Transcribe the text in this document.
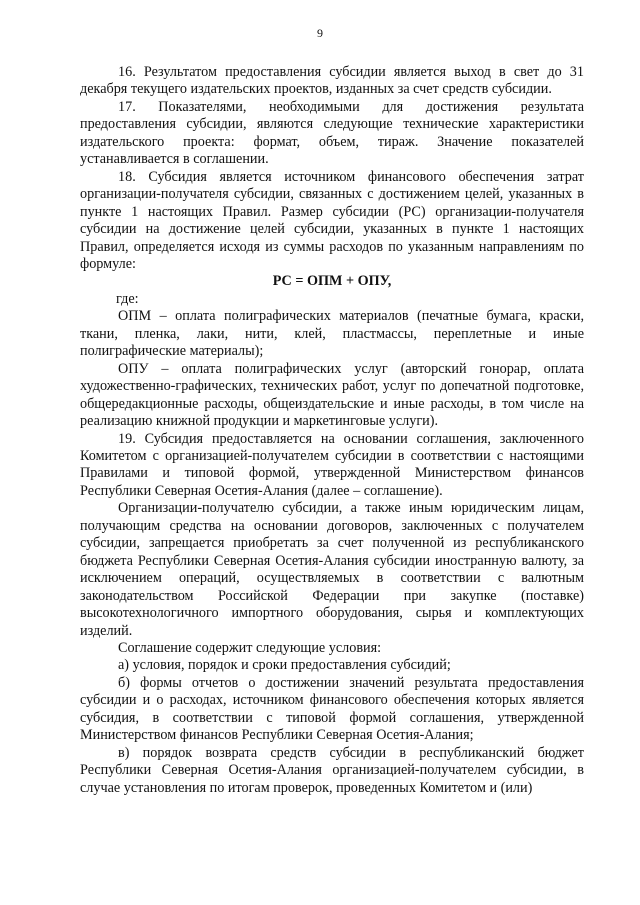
9

16. Результатом предоставления субсидии является выход в свет до 31 декабря текущего издательских проектов, изданных за счет средств субсидии.

17. Показателями, необходимыми для достижения результата предоставления субсидии, являются следующие технические характеристики издательского проекта: формат, объем, тираж. Значение показателей устанавливается в соглашении.

18. Субсидия является источником финансового обеспечения затрат организации-получателя субсидии, связанных с достижением целей, указанных в пункте 1 настоящих Правил. Размер субсидии (РС) организации-получателя субсидии на достижение целей субсидии, указанных в пункте 1 настоящих Правил, определяется исходя из суммы расходов по указанным направлениям по формуле:

РС = ОПМ + ОПУ,

где:

ОПМ – оплата полиграфических материалов (печатные бумага, краски, ткани, пленка, лаки, нити, клей, пластмассы, переплетные и иные полиграфические материалы);

ОПУ – оплата полиграфических услуг (авторский гонорар, оплата художественно-графических, технических работ, услуг по допечатной подготовке, общередакционные расходы, общеиздательские и иные расходы, в том числе на реализацию книжной продукции и маркетинговые услуги).

19. Субсидия предоставляется на основании соглашения, заключенного Комитетом с организацией-получателем субсидии в соответствии с настоящими Правилами и типовой формой, утвержденной Министерством финансов Республики Северная Осетия-Алания (далее – соглашение).

Организации-получателю субсидии, а также иным юридическим лицам, получающим средства на основании договоров, заключенных с получателем субсидии, запрещается приобретать за счет полученной из республиканского бюджета Республики Северная Осетия-Алания субсидии иностранную валюту, за исключением операций, осуществляемых в соответствии с валютным законодательством Российской Федерации при закупке (поставке) высокотехнологичного импортного оборудования, сырья и комплектующих изделий.

Соглашение содержит следующие условия:

а) условия, порядок и сроки предоставления субсидий;

б) формы отчетов о достижении значений результата предоставления субсидии и о расходах, источником финансового обеспечения которых является субсидия, в соответствии с типовой формой соглашения, утвержденной Министерством финансов Республики Северная Осетия-Алания;

в) порядок возврата средств субсидии в республиканский бюджет Республики Северная Осетия-Алания организацией-получателем субсидии, в случае установления по итогам проверок, проведенных Комитетом и (или)
